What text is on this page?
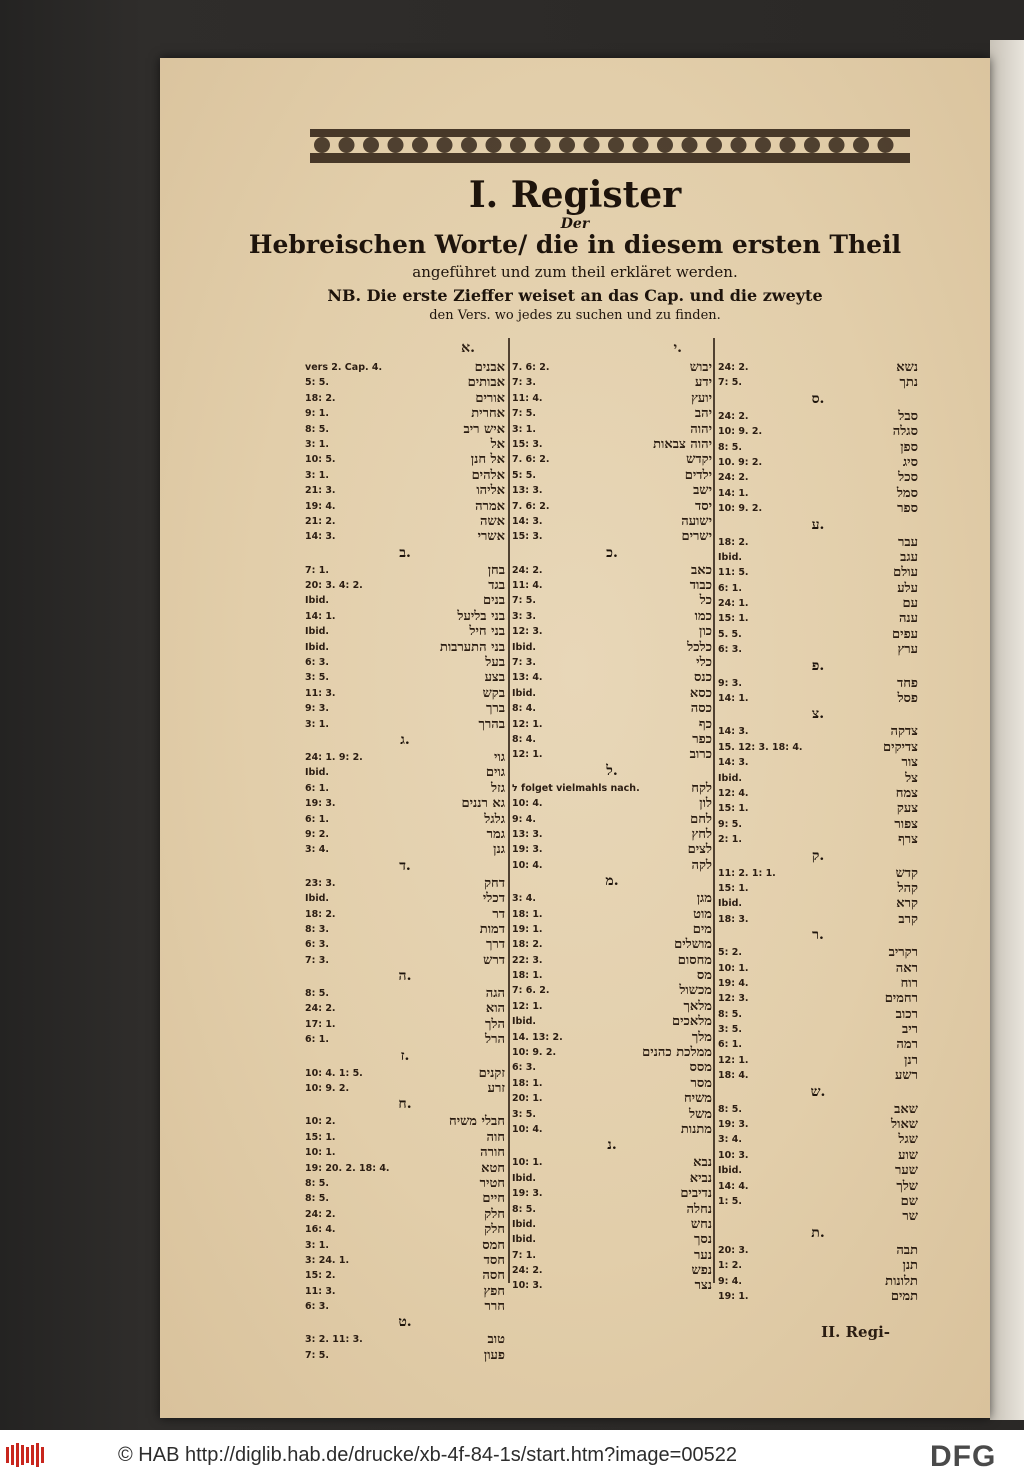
I. Register
Der
Hebreischen Worte/ die in diesem ersten Theil
angeführet und zum theil erkläret werden.
NB. Die erste Zieffer weiset an das Cap. und die zweyte
den Vers. wo jedes zu suchen und zu finden.
א.
vers 2. Cap. 4.	אבנים
5: 5.	אבותים
18: 2.	אורים
9: 1.	אחרית
8: 5.	איש ריב
3: 1.	אל
10: 5.	אל חנן
3: 1.	אלהים
21: 3.	אליהו
19: 4.	אמרה
21: 2.	אשה
14: 3.	אשרי
ב.
7: 1.	בחן
20: 3. 4: 2.	בגד
Ibid.	בנים
14: 1.	בני בליעל
Ibid.	בני חיל
Ibid.	בני התערבות
6: 3.	בעל
3: 5.	בצע
11: 3.	בקש
9: 3.	ברך
3: 1.	בהרך
ג.
24: 1. 9: 2.	גוי
Ibid.	גוים
6: 1.	גזל
19: 3.	גא רננים
6: 1.	גלגל
9: 2.	גמר
3: 4.	גנן
ד.
23: 3.	דחק
Ibid.	דכלי
18: 2.	דר
8: 3.	דמות
6: 3.	דרך
7: 3.	דרש
ה.
8: 5.	הגה
24: 2.	הוא
17: 1.	הלך
6: 1.	הרל
ז.
10: 4. 1: 5.	זקנים
10: 9. 2.	זרע
ח.
10: 2.	חבלי משיח
15: 1.	חוה
10: 1.	חורה
19: 20. 2. 18: 4.	חטא
8: 5.	חטיר
8: 5.	חיים
24: 2.	חלק
16: 4.	חלק
3: 1.	חמס
3: 24. 1.	חסד
15: 2.	חסה
11: 3.	חפץ
6: 3.	חרר
ט.
3: 2. 11: 3.	טוב
7: 5.	פעון
י.
7. 6: 2.	יבוש
7: 3.	ידע
11: 4.	יועץ
7: 5.	יהב
3: 1.	יהוה
15: 3.	יהוה צבאות
7. 6: 2.	יקדש
5: 5.	ילדים
13: 3.	ישב
7. 6: 2.	יסד
14: 3.	ישועה
15: 3.	ישרים
כ.
24: 2.	כאב
11: 4.	כבוד
7: 5.	כל
3: 3.	כמו
12: 3.	כון
Ibid.	כלכל
7: 3.	כלי
13: 4.	כנס
Ibid.	כסא
8: 4.	כסה
12: 1.	כף
8: 4.	כפר
12: 1.	כרוב
ל.
ל folget vielmahls nach.	לקח
10: 4.	לון
9: 4.	לחם
13: 3.	לחץ
19: 3.	לצים
10: 4.	לקה
מ.
3: 4.	מגן
18: 1.	מוט
19: 1.	מים
18: 2.	מושלים
22: 3.	מחסום
18: 1.	מס
7: 6. 2.	מכשול
12: 1.	מלאך
Ibid.	מלאכים
14. 13: 2.	מלך
10: 9. 2.	ממלכת כהנים
6: 3.	מסס
18: 1.	מסר
20: 1.	משיח
3: 5.	משל
10: 4.	מתנות
נ.
10: 1.	נבא
Ibid.	נביא
19: 3.	נדיבים
8: 5.	נחלה
Ibid.	נחש
Ibid.	נסך
7: 1.	נער
24: 2.	נפש
10: 3.	נצר
24: 2.	נשא
7: 5.	נתך
ס.
24: 2.	סבל
10: 9. 2.	סגלה
8: 5.	ספן
10. 9: 2.	סיג
24: 2.	סכל
14: 1.	סמל
10: 9. 2.	ספר
ע.
18: 2.	עבר
Ibid.	עגב
11: 5.	עולם
6: 1.	עלע
24: 1.	עם
15: 1.	ענה
5. 5.	עפים
6: 3.	ערץ
פ.
9: 3.	פחד
14: 1.	פסל
צ.
14: 3.	צדקה
15. 12: 3. 18: 4.	צדיקים
14: 3.	צור
Ibid.	צל
12: 4.	צמח
15: 1.	צעק
9: 5.	צפור
2: 1.	צרף
ק.
11: 2. 1: 1.	קדש
15: 1.	קהל
Ibid.	קרא
18: 3.	קרב
ר.
5: 2.	רקריב
10: 1.	ראה
19: 4.	רוח
12: 3.	רחמים
8: 5.	רכוב
3: 5.	ריב
6: 1.	רמה
12: 1.	רנן
18: 4.	רשע
ש.
8: 5.	שאב
19: 3.	שאול
3: 4.	שגל
10: 3.	שוע
Ibid.	שער
14: 4.	שלך
1: 5.	שם
שר
ת.
20: 3.	תבה
1: 2.	תנן
9: 4.	תלונות
19: 1.	תמים
II. Regi-
© HAB http://diglib.hab.de/drucke/xb-4f-84-1s/start.htm?image=00522	DFG
